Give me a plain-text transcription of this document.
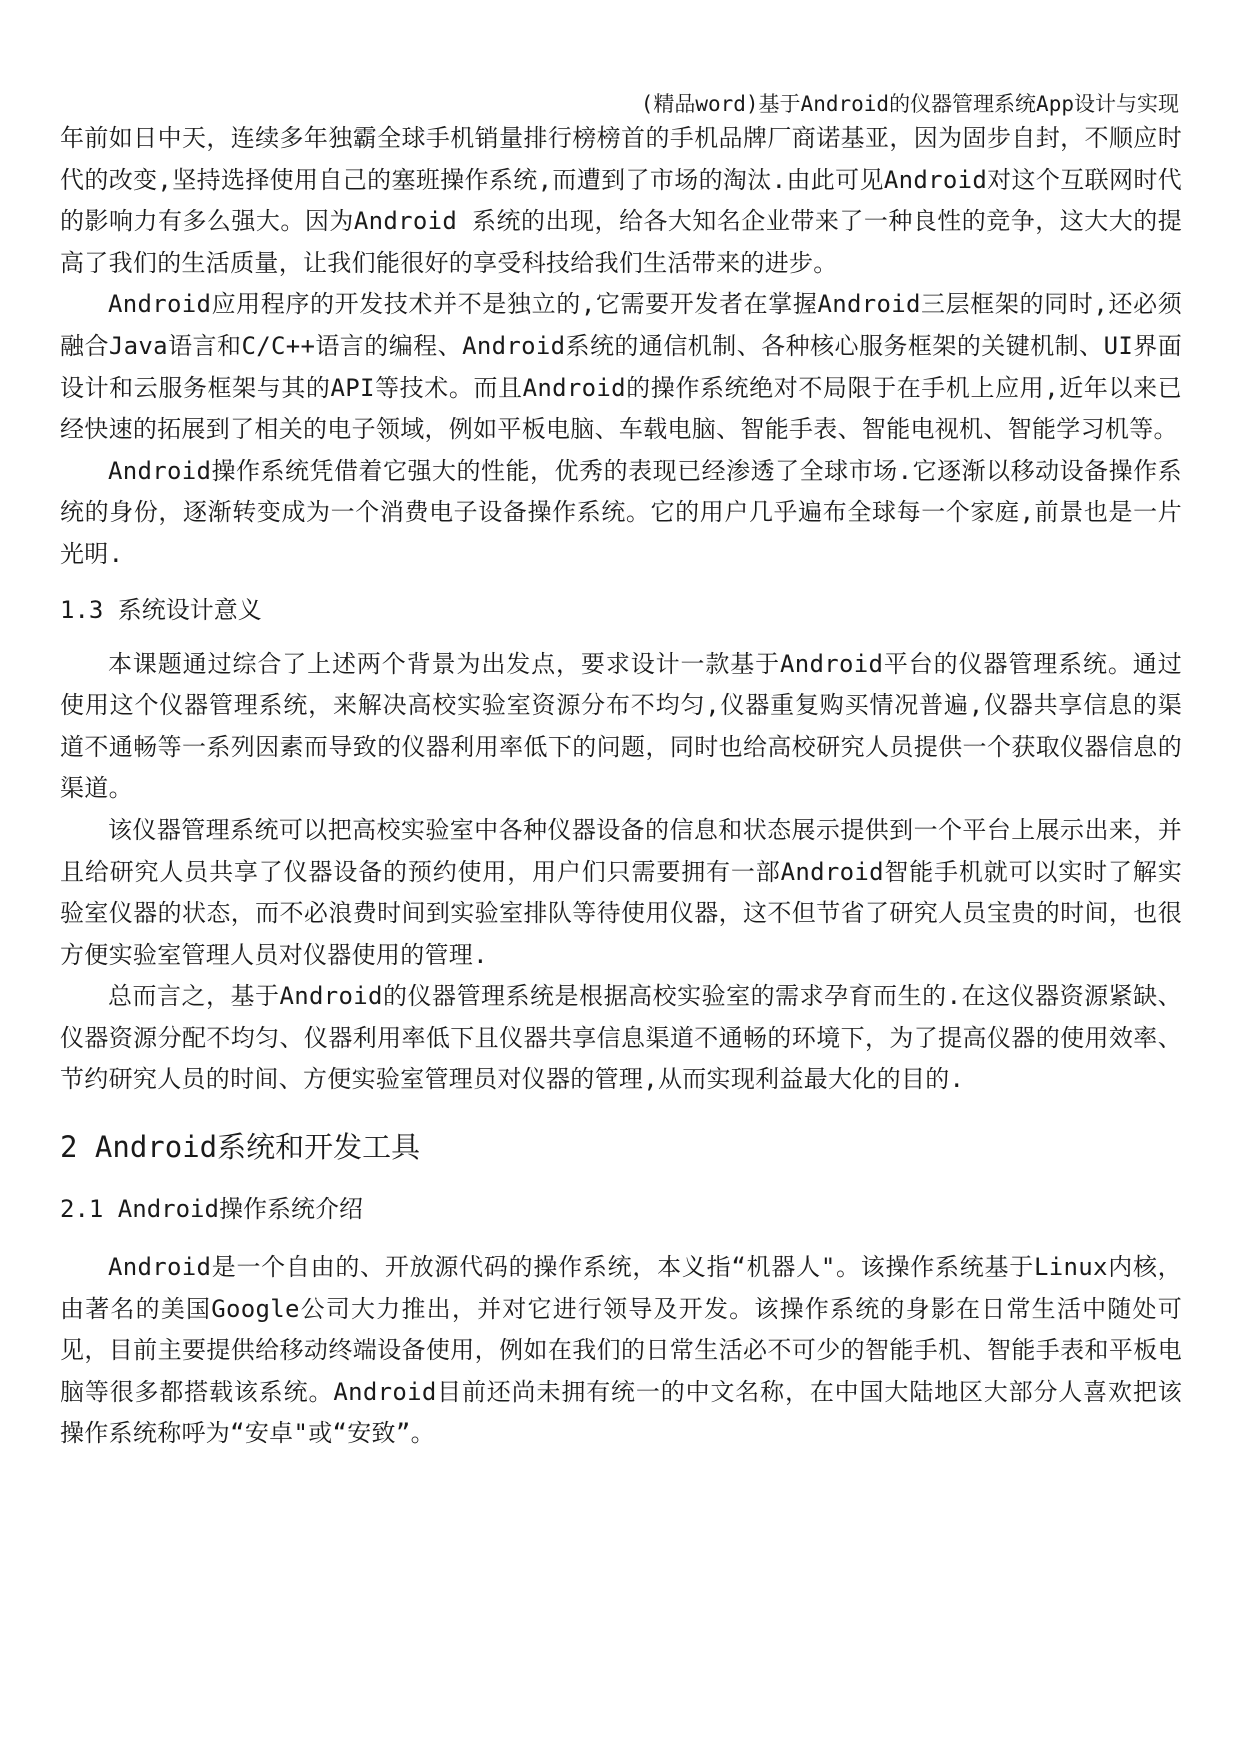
(精品word)基于Android的仪器管理系统App设计与实现

年前如日中天，连续多年独霸全球手机销量排行榜榜首的手机品牌厂商诺基亚，因为固步自封，不顺应时代的改变,坚持选择使用自己的塞班操作系统,而遭到了市场的淘汰.由此可见Android对这个互联网时代的影响力有多么强大。因为Android 系统的出现，给各大知名企业带来了一种良性的竞争，这大大的提高了我们的生活质量，让我们能很好的享受科技给我们生活带来的进步。

Android应用程序的开发技术并不是独立的,它需要开发者在掌握Android三层框架的同时,还必须融合Java语言和C/C++语言的编程、Android系统的通信机制、各种核心服务框架的关键机制、UI界面设计和云服务框架与其的API等技术。而且Android的操作系统绝对不局限于在手机上应用,近年以来已经快速的拓展到了相关的电子领域，例如平板电脑、车载电脑、智能手表、智能电视机、智能学习机等。

Android操作系统凭借着它强大的性能，优秀的表现已经渗透了全球市场.它逐渐以移动设备操作系统的身份，逐渐转变成为一个消费电子设备操作系统。它的用户几乎遍布全球每一个家庭,前景也是一片光明.

1.3 系统设计意义

本课题通过综合了上述两个背景为出发点，要求设计一款基于Android平台的仪器管理系统。通过使用这个仪器管理系统，来解决高校实验室资源分布不均匀,仪器重复购买情况普遍,仪器共享信息的渠道不通畅等一系列因素而导致的仪器利用率低下的问题，同时也给高校研究人员提供一个获取仪器信息的渠道。

该仪器管理系统可以把高校实验室中各种仪器设备的信息和状态展示提供到一个平台上展示出来，并且给研究人员共享了仪器设备的预约使用，用户们只需要拥有一部Android智能手机就可以实时了解实验室仪器的状态，而不必浪费时间到实验室排队等待使用仪器，这不但节省了研究人员宝贵的时间，也很方便实验室管理人员对仪器使用的管理.

总而言之，基于Android的仪器管理系统是根据高校实验室的需求孕育而生的.在这仪器资源紧缺、仪器资源分配不均匀、仪器利用率低下且仪器共享信息渠道不通畅的环境下，为了提高仪器的使用效率、节约研究人员的时间、方便实验室管理员对仪器的管理,从而实现利益最大化的目的.

2 Android系统和开发工具
2.1 Android操作系统介绍

Android是一个自由的、开放源代码的操作系统，本义指“机器人"。该操作系统基于Linux内核，由著名的美国Google公司大力推出，并对它进行领导及开发。该操作系统的身影在日常生活中随处可见，目前主要提供给移动终端设备使用，例如在我们的日常生活必不可少的智能手机、智能手表和平板电脑等很多都搭载该系统。Android目前还尚未拥有统一的中文名称，在中国大陆地区大部分人喜欢把该操作系统称呼为“安卓"或“安致”。
